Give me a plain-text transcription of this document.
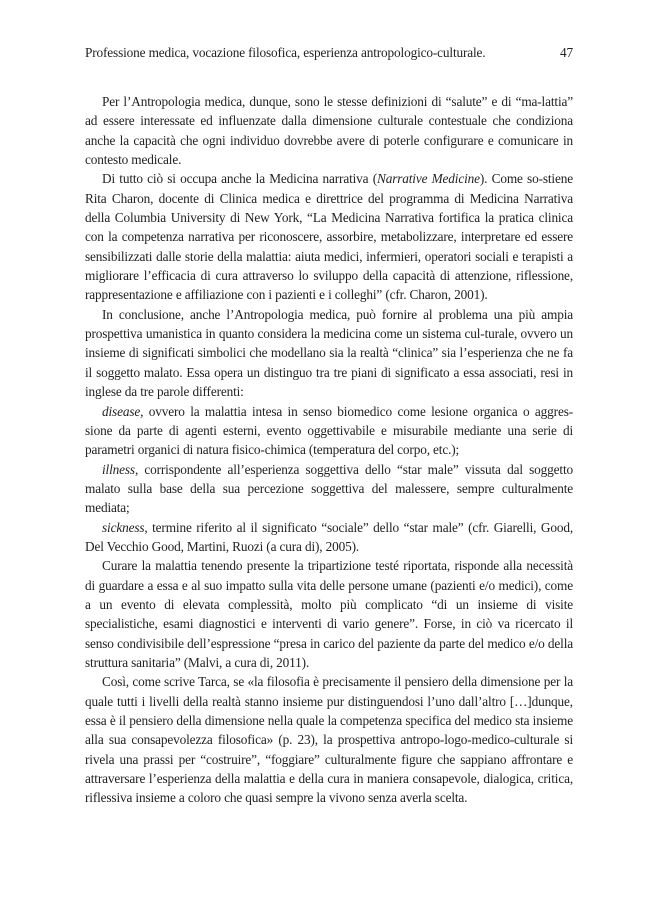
Professione medica, vocazione filosofica, esperienza antropologico-culturale.	47

Per l’Antropologia medica, dunque, sono le stesse definizioni di “salute” e di “ma-lattia” ad essere interessate ed influenzate dalla dimensione culturale contestuale che condiziona anche la capacità che ogni individuo dovrebbe avere di poterle configurare e comunicare in contesto medicale.

Di tutto ciò si occupa anche la Medicina narrativa (Narrative Medicine). Come so-stiene Rita Charon, docente di Clinica medica e direttrice del programma di Medicina Narrativa della Columbia University di New York, “La Medicina Narrativa fortifica la pratica clinica con la competenza narrativa per riconoscere, assorbire, metabolizzare, interpretare ed essere sensibilizzati dalle storie della malattia: aiuta medici, infermieri, operatori sociali e terapisti a migliorare l’efficacia di cura attraverso lo sviluppo della capacità di attenzione, riflessione, rappresentazione e affiliazione con i pazienti e i colleghi” (cfr. Charon, 2001).

In conclusione, anche l’Antropologia medica, può fornire al problema una più ampia prospettiva umanistica in quanto considera la medicina come un sistema cul-turale, ovvero un insieme di significati simbolici che modellano sia la realtà “clinica” sia l’esperienza che ne fa il soggetto malato. Essa opera un distinguo tra tre piani di significato a essa associati, resi in inglese da tre parole differenti:

disease, ovvero la malattia intesa in senso biomedico come lesione organica o aggres-sione da parte di agenti esterni, evento oggettivabile e misurabile mediante una serie di parametri organici di natura fisico-chimica (temperatura del corpo, etc.);

illness, corrispondente all’esperienza soggettiva dello “star male” vissuta dal soggetto malato sulla base della sua percezione soggettiva del malessere, sempre culturalmente mediata;

sickness, termine riferito al il significato “sociale” dello “star male” (cfr. Giarelli, Good, Del Vecchio Good, Martini, Ruozi (a cura di), 2005).

Curare la malattia tenendo presente la tripartizione testé riportata, risponde alla necessità di guardare a essa e al suo impatto sulla vita delle persone umane (pazienti e/o medici), come a un evento di elevata complessità, molto più complicato “di un insieme di visite specialistiche, esami diagnostici e interventi di vario genere”. Forse, in ciò va ricercato il senso condivisibile dell’espressione “presa in carico del paziente da parte del medico e/o della struttura sanitaria” (Malvi, a cura di, 2011).

Così, come scrive Tarca, se «la filosofia è precisamente il pensiero della dimensione per la quale tutti i livelli della realtà stanno insieme pur distinguendosi l’uno dall’altro […]dunque, essa è il pensiero della dimensione nella quale la competenza specifica del medico sta insieme alla sua consapevolezza filosofica» (p. 23), la prospettiva antropo-logo-medico-culturale si rivela una prassi per “costruire”, “foggiare” culturalmente figure che sappiano affrontare e attraversare l’esperienza della malattia e della cura in maniera consapevole, dialogica, critica, riflessiva insieme a coloro che quasi sempre la vivono senza averla scelta.
